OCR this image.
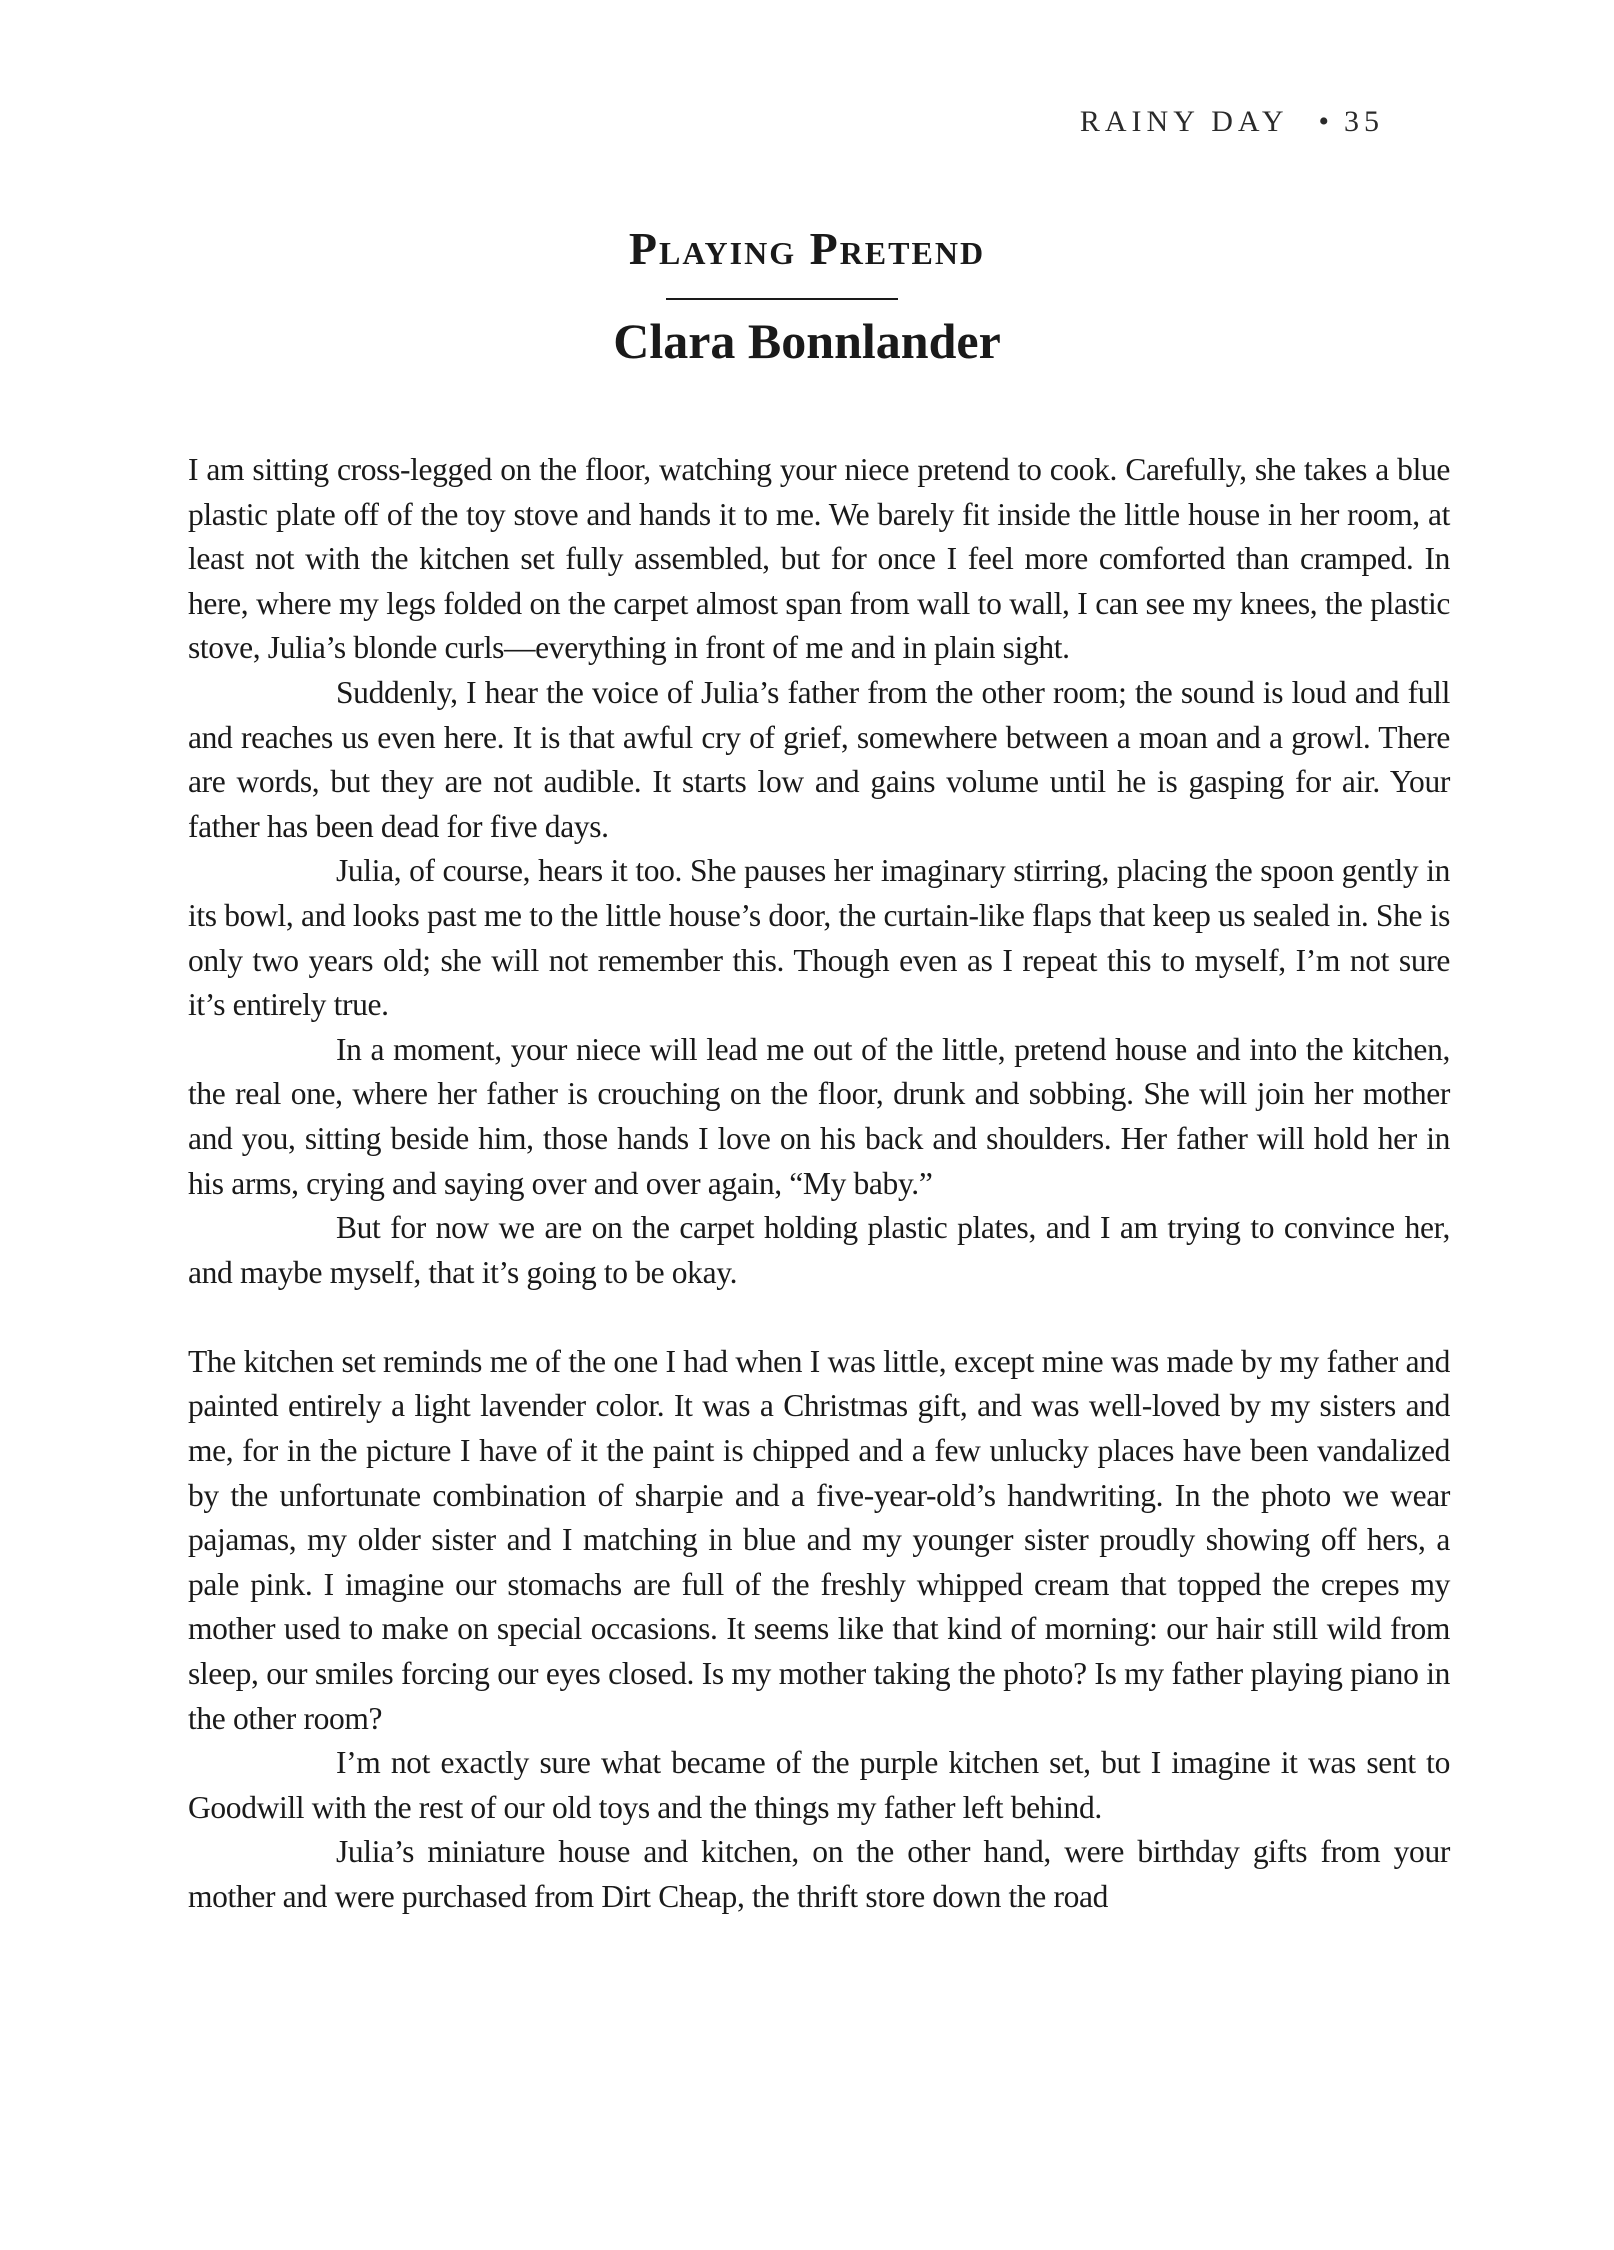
RAINY DAY • 35
Playing Pretend
Clara Bonnlander

I am sitting cross-legged on the floor, watching your niece pretend to cook. Carefully, she takes a blue plastic plate off of the toy stove and hands it to me. We barely fit inside the little house in her room, at least not with the kitchen set fully assembled, but for once I feel more comforted than cramped. In here, where my legs folded on the carpet almost span from wall to wall, I can see my knees, the plastic stove, Julia’s blonde curls—everything in front of me and in plain sight.

Suddenly, I hear the voice of Julia’s father from the other room; the sound is loud and full and reaches us even here. It is that awful cry of grief, somewhere between a moan and a growl. There are words, but they are not audible. It starts low and gains volume until he is gasping for air. Your father has been dead for five days.

Julia, of course, hears it too. She pauses her imaginary stirring, placing the spoon gently in its bowl, and looks past me to the little house’s door, the curtain-like flaps that keep us sealed in. She is only two years old; she will not remember this. Though even as I repeat this to myself, I’m not sure it’s entirely true.

In a moment, your niece will lead me out of the little, pretend house and into the kitchen, the real one, where her father is crouching on the floor, drunk and sobbing. She will join her mother and you, sitting beside him, those hands I love on his back and shoulders. Her father will hold her in his arms, crying and saying over and over again, “My baby.”

But for now we are on the carpet holding plastic plates, and I am trying to convince her, and maybe myself, that it’s going to be okay.

The kitchen set reminds me of the one I had when I was little, except mine was made by my father and painted entirely a light lavender color. It was a Christmas gift, and was well-loved by my sisters and me, for in the picture I have of it the paint is chipped and a few unlucky places have been vandalized by the unfortunate combination of sharpie and a five-year-old’s handwriting. In the photo we wear pajamas, my older sister and I matching in blue and my younger sister proudly showing off hers, a pale pink. I imagine our stomachs are full of the freshly whipped cream that topped the crepes my mother used to make on special occasions. It seems like that kind of morning: our hair still wild from sleep, our smiles forcing our eyes closed. Is my mother taking the photo? Is my father playing piano in the other room?

I’m not exactly sure what became of the purple kitchen set, but I imagine it was sent to Goodwill with the rest of our old toys and the things my father left behind.

Julia’s miniature house and kitchen, on the other hand, were birthday gifts from your mother and were purchased from Dirt Cheap, the thrift store down the road
